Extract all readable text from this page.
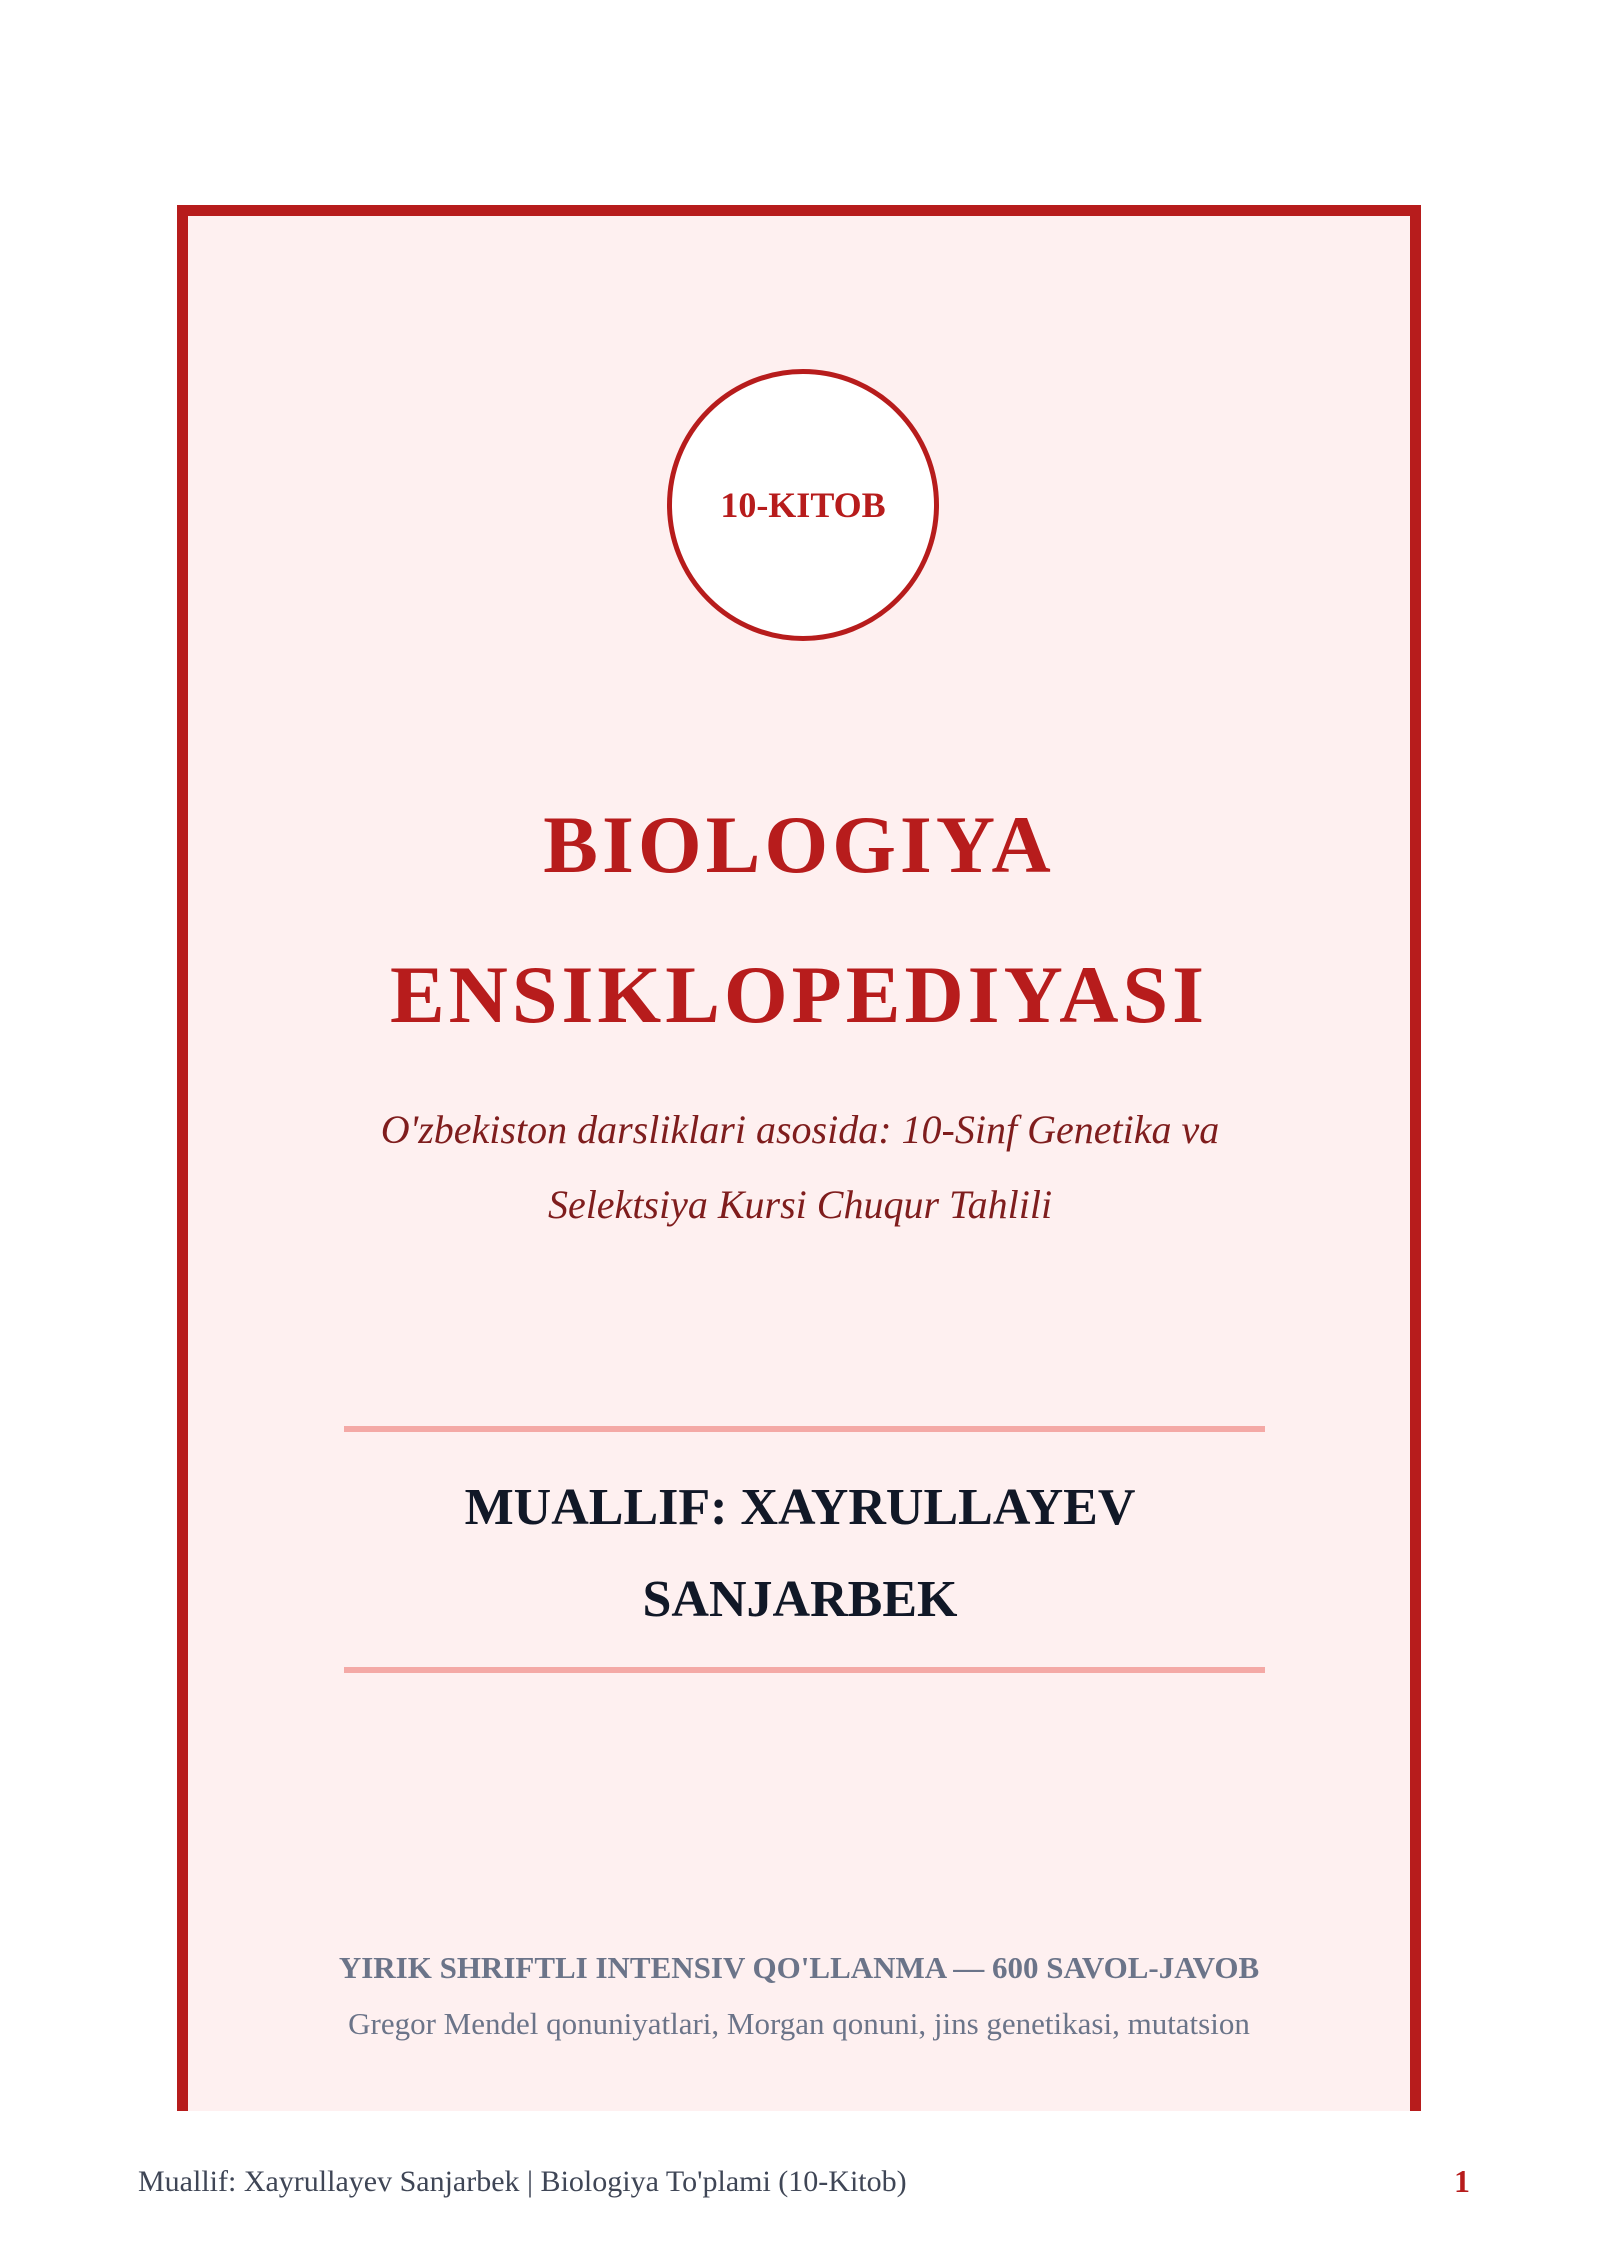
10-KITOB
BIOLOGIYA
ENSIKLOPEDIYASI

O'zbekiston darsliklari asosida: 10-Sinf Genetika va
Selektsiya Kursi Chuqur Tahlili

MUALLIF: XAYRULLAYEV
SANJARBEK

YIRIK SHRIFTLI INTENSIV QO'LLANMA — 600 SAVOL-JAVOB

Gregor Mendel qonuniyatlari, Morgan qonuni, jins genetikasi, mutatsion

Muallif: Xayrullayev Sanjarbek | Biologiya To'plami (10-Kitob)	1
